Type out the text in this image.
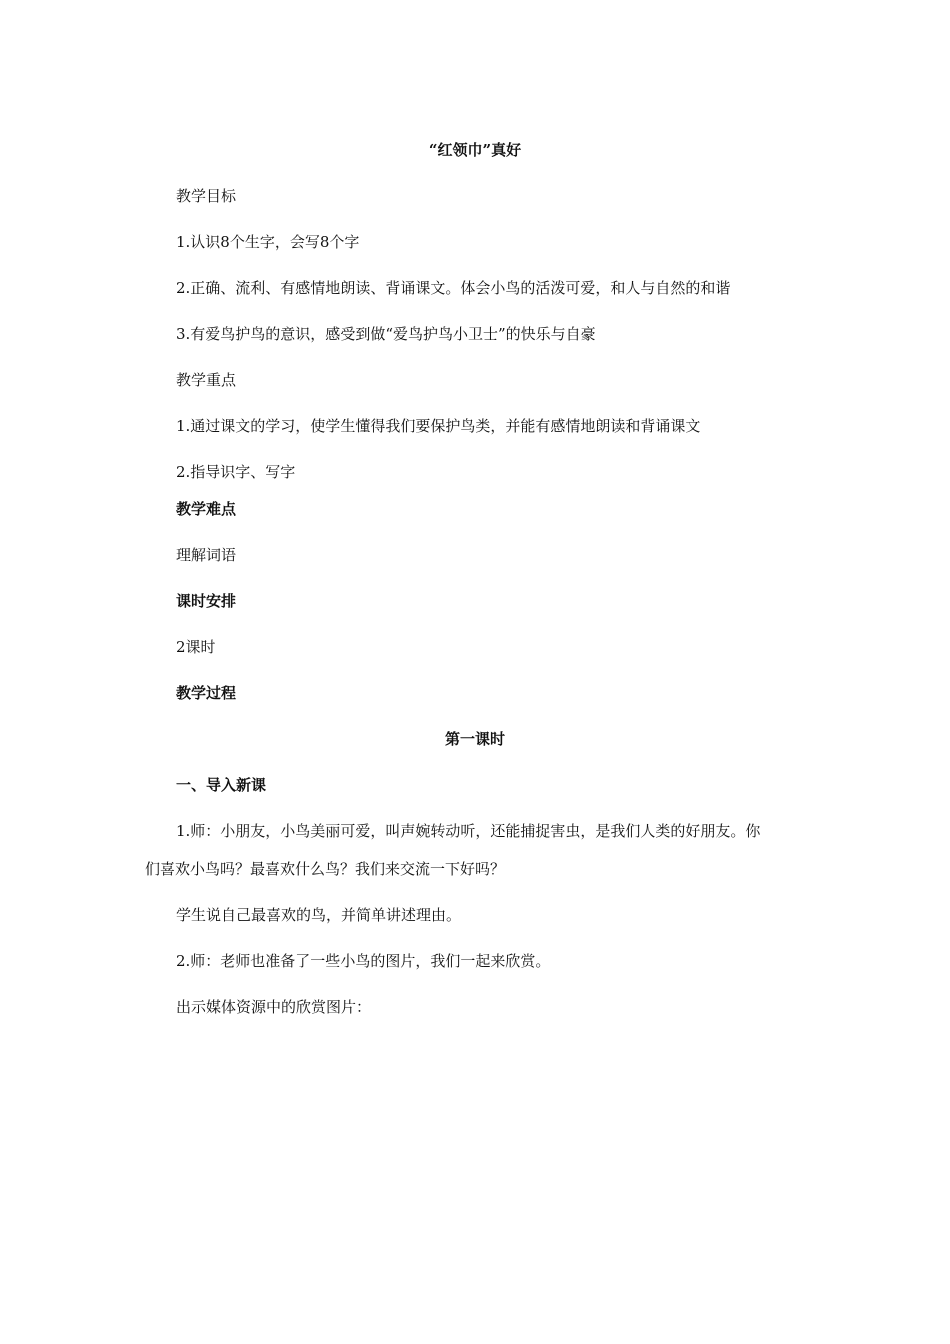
“红领巾”真好
教学目标
1.认识8个生字，会写8个字
2.正确、流利、有感情地朗读、背诵课文。体会小鸟的活泼可爱，和人与自然的和谐
3.有爱鸟护鸟的意识，感受到做“爱鸟护鸟小卫士”的快乐与自豪
教学重点
1.通过课文的学习，使学生懂得我们要保护鸟类，并能有感情地朗读和背诵课文
2.指导识字、写字
教学难点
理解词语
课时安排
2课时
教学过程
第一课时
一、导入新课
1.师：小朋友，小鸟美丽可爱，叫声婉转动听，还能捕捉害虫，是我们人类的好朋友。你
们喜欢小鸟吗？最喜欢什么鸟？我们来交流一下好吗？
学生说自己最喜欢的鸟，并简单讲述理由。
2.师：老师也准备了一些小鸟的图片，我们一起来欣赏。
出示媒体资源中的欣赏图片：
